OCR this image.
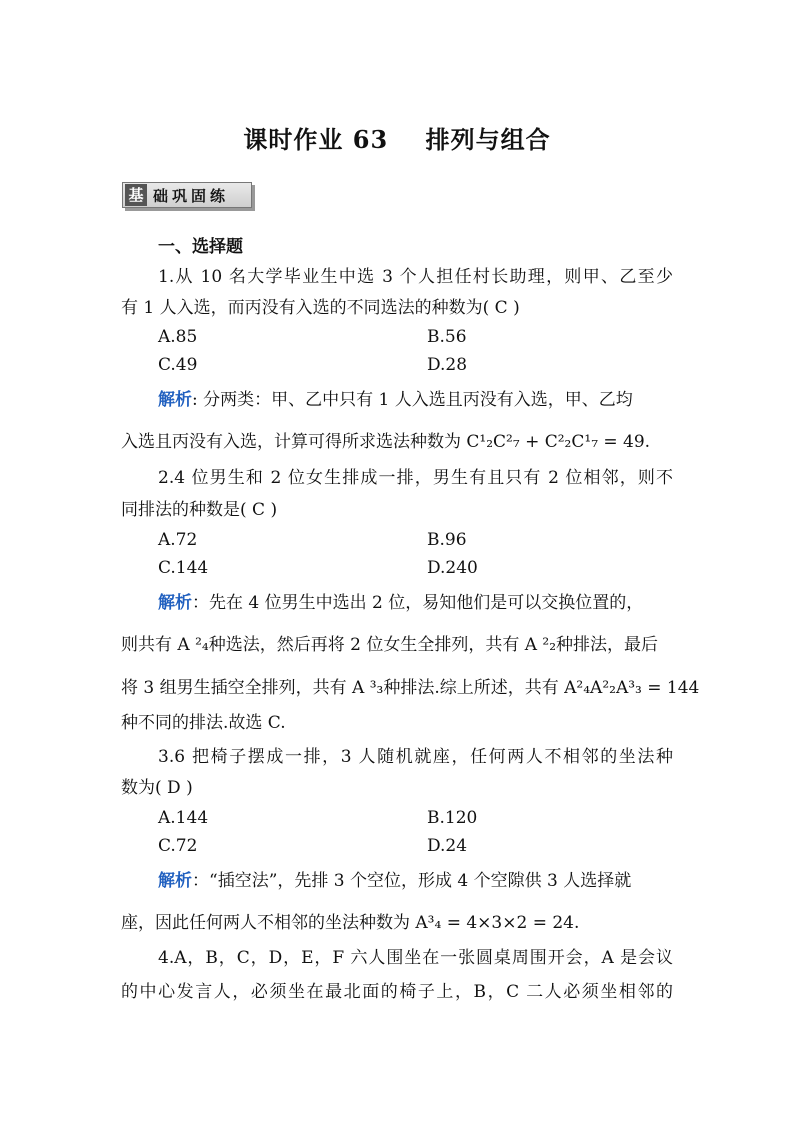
课时作业 63    排列与组合
基 础巩固练
一、选择题
1.从 10 名大学毕业生中选 3 个人担任村长助理，则甲、乙至少
有 1 人入选，而丙没有入选的不同选法的种数为( C )
A.85	B.56
C.49	D.28
解析: 分两类：甲、乙中只有 1 人入选且丙没有入选，甲、乙均
入选且丙没有入选，计算可得所求选法种数为 C¹₂C²₇ + C²₂C¹₇ = 49.
2.4 位男生和 2 位女生排成一排，男生有且只有 2 位相邻，则不
同排法的种数是( C )
A.72	B.96
C.144	D.240
解析：先在 4 位男生中选出 2 位，易知他们是可以交换位置的，
则共有 A ²₄种选法，然后再将 2 位女生全排列，共有 A ²₂种排法，最后
将 3 组男生插空全排列，共有 A ³₃种排法.综上所述，共有 A²₄A²₂A³₃ = 144
种不同的排法.故选 C.
3.6 把椅子摆成一排，3 人随机就座，任何两人不相邻的坐法种
数为( D )
A.144	B.120
C.72	D.24
解析：“插空法”，先排 3 个空位，形成 4 个空隙供 3 人选择就
座，因此任何两人不相邻的坐法种数为 A³₄ = 4×3×2 = 24.
4.A，B，C，D，E，F 六人围坐在一张圆桌周围开会，A 是会议
的中心发言人，必须坐在最北面的椅子上，B，C 二人必须坐相邻的
